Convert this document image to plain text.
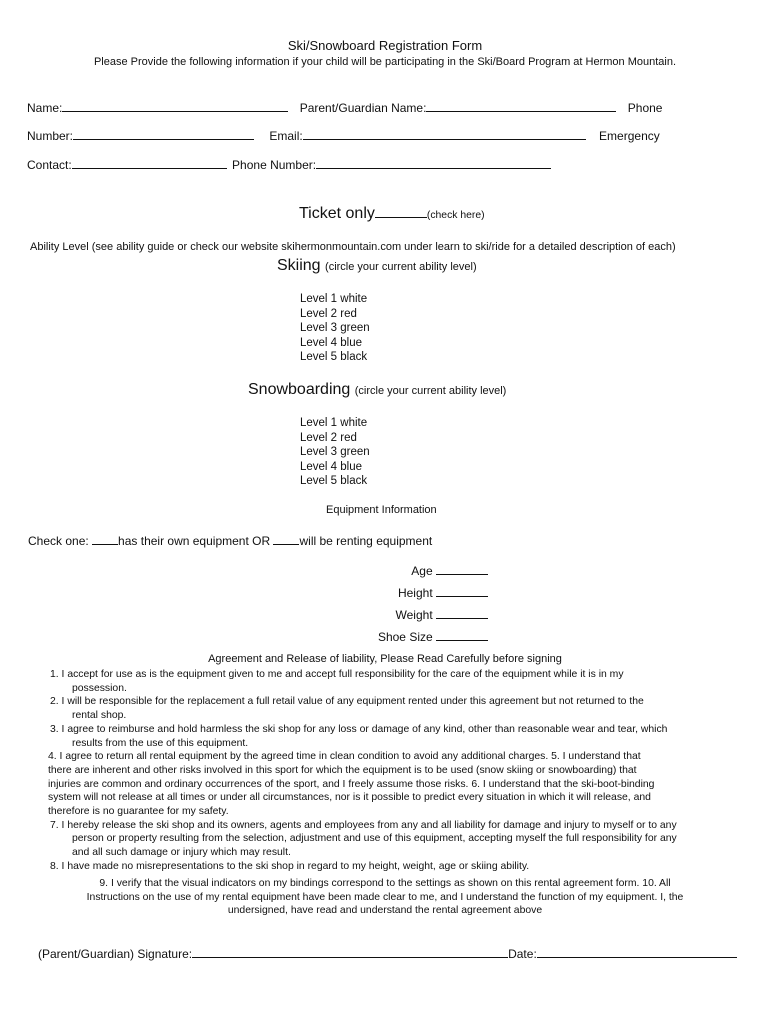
Ski/Snowboard Registration Form
Please Provide the following information if your child will be participating in the Ski/Board Program at Hermon Mountain.
Name:	Parent/Guardian Name:	Phone
Number:	Email:	Emergency
Contact:	Phone Number:
Ticket only	(check here)
Ability Level (see ability guide or check our website skihermonmountain.com under learn to ski/ride for a detailed description of each)
Skiing (circle your current ability level)
Level 1 white
Level 2 red
Level 3 green
Level 4 blue
Level 5 black
Snowboarding (circle your current ability level)
Level 1 white
Level 2 red
Level 3 green
Level 4 blue
Level 5 black
Equipment Information
Check one: has their own equipment OR will be renting equipment
Age
Height
Weight
Shoe Size
Agreement and Release of liability, Please Read Carefully before signing
1. I accept for use as is the equipment given to me and accept full responsibility for the care of the equipment while it is in my
possession.
2. I will be responsible for the replacement a full retail value of any equipment rented under this agreement but not returned to the
rental shop.
3. I agree to reimburse and hold harmless the ski shop for any loss or damage of any kind, other than reasonable wear and tear, which
results from the use of this equipment.
4. I agree to return all rental equipment by the agreed time in clean condition to avoid any additional charges. 5. I understand that
there are inherent and other risks involved in this sport for which the equipment is to be used (snow skiing or snowboarding) that
injuries are common and ordinary occurrences of the sport, and I freely assume those risks. 6. I understand that the ski-boot-binding
system will not release at all times or under all circumstances, nor is it possible to predict every situation in which it will release, and
therefore is no guarantee for my safety.
7. I hereby release the ski shop and its owners, agents and employees from any and all liability for damage and injury to myself or to any
person or property resulting from the selection, adjustment and use of this equipment, accepting myself the full responsibility for any
and all such damage or injury which may result.
8. I have made no misrepresentations to the ski shop in regard to my height, weight, age or skiing ability.
9. I verify that the visual indicators on my bindings correspond to the settings as shown on this rental agreement form. 10. All
Instructions on the use of my rental equipment have been made clear to me, and I understand the function of my equipment. I, the
undersigned, have read and understand the rental agreement above
(Parent/Guardian) Signature:	Date:
